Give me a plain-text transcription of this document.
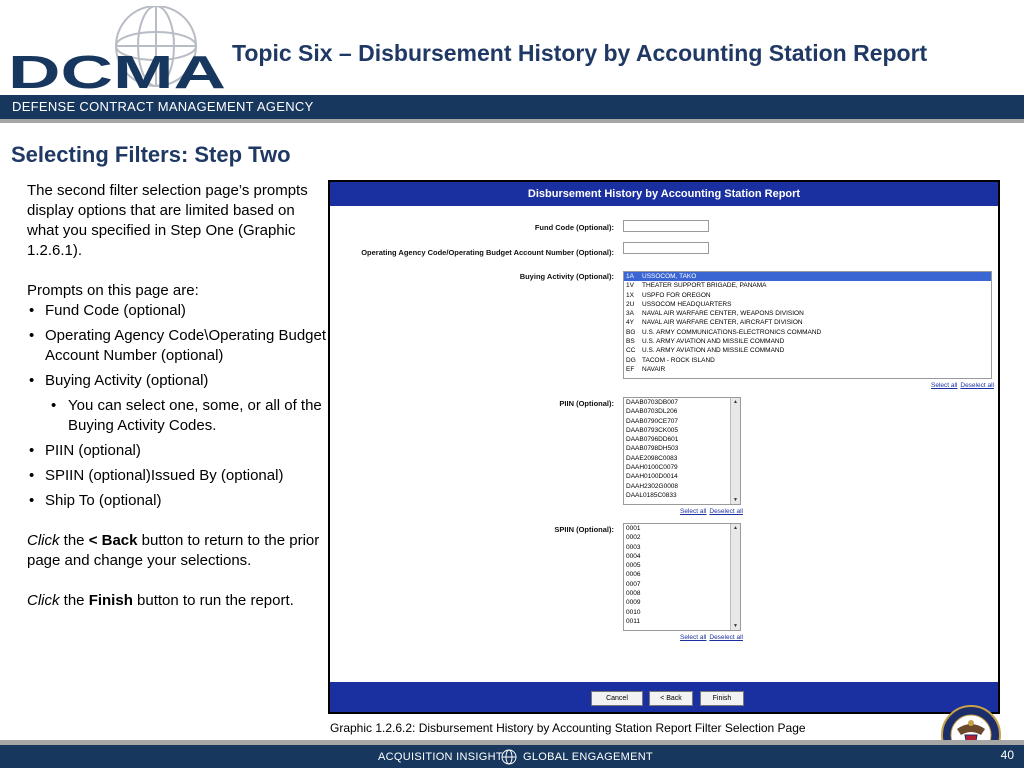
DCMA Topic Six – Disbursement History by Accounting Station Report
DEFENSE CONTRACT MANAGEMENT AGENCY
Selecting Filters: Step Two

The second filter selection page’s prompts display options that are limited based on what you specified in Step One (Graphic 1.2.6.1).

Prompts on this page are:

• Fund Code (optional)
• Operating Agency Code\Operating Budget Account Number (optional)
• Buying Activity (optional)
• You can select one, some, or all of the Buying Activity Codes.
• PIIN (optional)
• SPIIN (optional)Issued By (optional)
• Ship To (optional)

Click the < Back button to return to the prior page and change your selections.

Click the Finish button to run the report.

Disbursement History by Accounting Station Report
Fund Code (Optional):
Operating Agency Code/Operating Budget Account Number (Optional):
Buying Activity (Optional):	1A USSOCOM, TAKO
1V THEATER SUPPORT BRIGADE, PANAMA
1X USPFO FOR OREGON
2U USSOCOM HEADQUARTERS
3A NAVAL AIR WARFARE CENTER, WEAPONS DIVISION
4Y NAVAL AIR WARFARE CENTER, AIRCRAFT DIVISION
BG U.S. ARMY COMMUNICATIONS-ELECTRONICS COMMAND
BS U.S. ARMY AVIATION AND MISSILE COMMAND
CC U.S. ARMY AVIATION AND MISSILE COMMAND
DG TACOM - ROCK ISLAND
EF NAVAIR
Select all Deselect all
PIIN (Optional):	DAAB0703DB007
DAAB0703DL206
DAAB0790CE707
DAAB0793CK005
DAAB0796DD601
DAAB0798DH503
DAAE2098C0083
DAAH0100C0079
DAAH0100D0014
DAAH2302G0008
DAAL0185C0833
▲
▼
Select all Deselect all
SPIIN (Optional):	0001
0002
0003
0004
0005
0006
0007
0008
0009
0010
0011
▲
▼
Select all Deselect all
Cancel	< Back	Finish
Graphic 1.2.6.2: Disbursement History by Accounting Station Report Filter Selection Page
ACQUISITION INSIGHT GLOBAL ENGAGEMENT	40
